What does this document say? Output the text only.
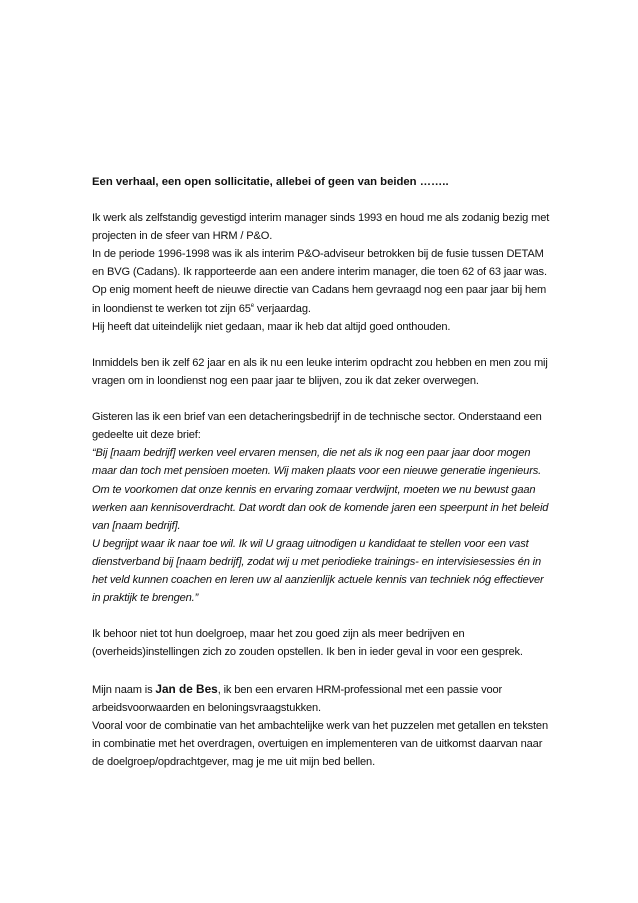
Een verhaal, een open sollicitatie, allebei of geen van beiden ……..
Ik werk als zelfstandig gevestigd interim manager sinds 1993 en houd me als zodanig bezig met
projecten in de sfeer van HRM / P&O.
In de periode 1996-1998 was ik als interim P&O-adviseur betrokken bij de fusie tussen DETAM
en BVG (Cadans). Ik rapporteerde aan een andere interim manager, die toen 62 of 63 jaar was.
Op enig moment heeft de nieuwe directie van Cadans hem gevraagd nog een paar jaar bij hem
in loondienst te werken tot zijn 65e verjaardag.
Hij heeft dat uiteindelijk niet gedaan, maar ik heb dat altijd goed onthouden.
Inmiddels ben ik zelf 62 jaar en als ik nu een leuke interim opdracht zou hebben en men zou mij
vragen om in loondienst nog een paar jaar te blijven, zou ik dat zeker overwegen.
Gisteren las ik een brief van een detacheringsbedrijf in de technische sector. Onderstaand een
gedeelte uit deze brief:
“Bij [naam bedrijf] werken veel ervaren mensen, die net als ik nog een paar jaar door mogen
maar dan toch met pensioen moeten. Wij maken plaats voor een nieuwe generatie ingenieurs.
Om te voorkomen dat onze kennis en ervaring zomaar verdwijnt, moeten we nu bewust gaan
werken aan kennisoverdracht. Dat wordt dan ook de komende jaren een speerpunt in het beleid
van [naam bedrijf].
U begrijpt waar ik naar toe wil. Ik wil U graag uitnodigen u kandidaat te stellen voor een vast
dienstverband bij [naam bedrijf], zodat wij u met periodieke trainings- en intervisiesessies én in
het veld kunnen coachen en leren uw al aanzienlijk actuele kennis van techniek nóg effectiever
in praktijk te brengen.”
Ik behoor niet tot hun doelgroep, maar het zou goed zijn als meer bedrijven en
(overheids)instellingen zich zo zouden opstellen. Ik ben in ieder geval in voor een gesprek.
Mijn naam is Jan de Bes, ik ben een ervaren HRM-professional met een passie voor
arbeidsvoorwaarden en beloningsvraagstukken.
Vooral voor de combinatie van het ambachtelijke werk van het puzzelen met getallen en teksten
in combinatie met het overdragen, overtuigen en implementeren van de uitkomst daarvan naar
de doelgroep/opdrachtgever, mag je me uit mijn bed bellen.
